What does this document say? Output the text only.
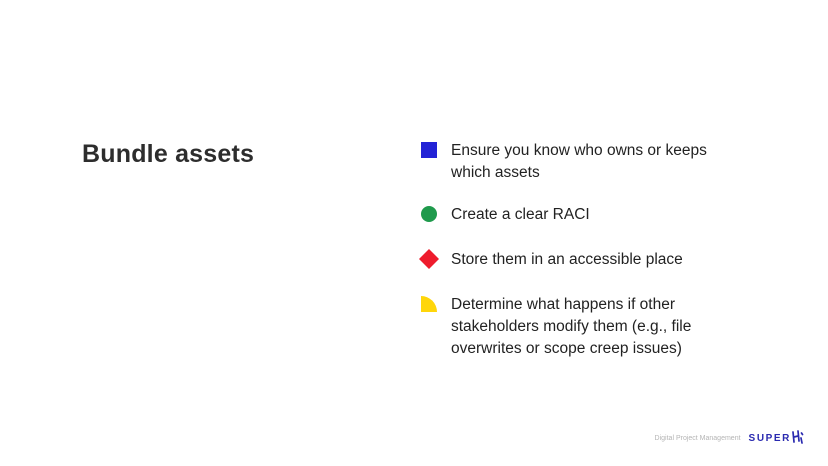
Bundle assets	Ensure you know who owns or keeps which assets
Create a clear RACI
Store them in an accessible place
Determine what happens if other stakeholders modify them (e.g., file overwrites or scope creep issues)
Digital Project Management SUPER
